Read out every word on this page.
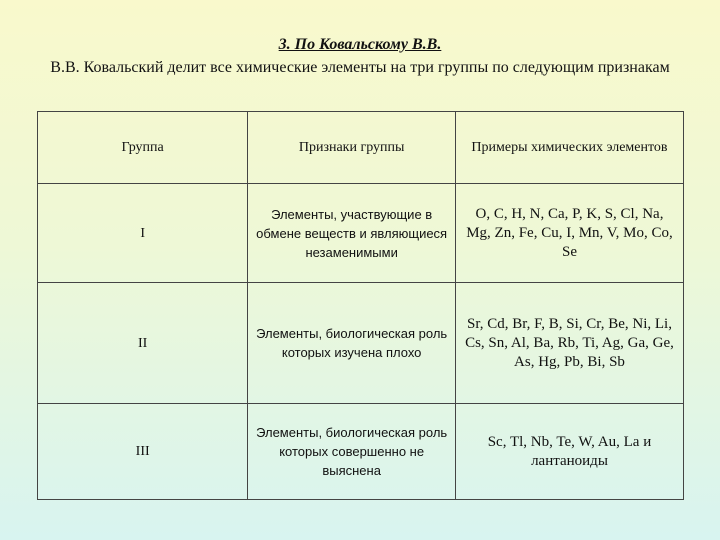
3. По Ковальскому В.В.

В.В. Ковальский делит все химические элементы на три группы по следующим признакам

Группа	Признаки группы	Примеры химических элементов
I	Элементы, участвующие в обмене веществ и являющиеся незаменимыми	O, C, H, N, Ca, P, K, S, Cl, Na, Mg, Zn, Fe, Cu, I, Mn, V, Mo, Co, Se
II	Элементы, биологическая роль которых изучена плохо	Sr, Cd, Br, F, B, Si, Cr, Be, Ni, Li, Cs, Sn, Al, Ba, Rb, Ti, Ag, Ga, Ge, As, Hg, Pb, Bi, Sb
III	Элементы, биологическая роль которых совершенно не выяснена	Sc, Tl, Nb, Te, W, Au, La и лантаноиды
